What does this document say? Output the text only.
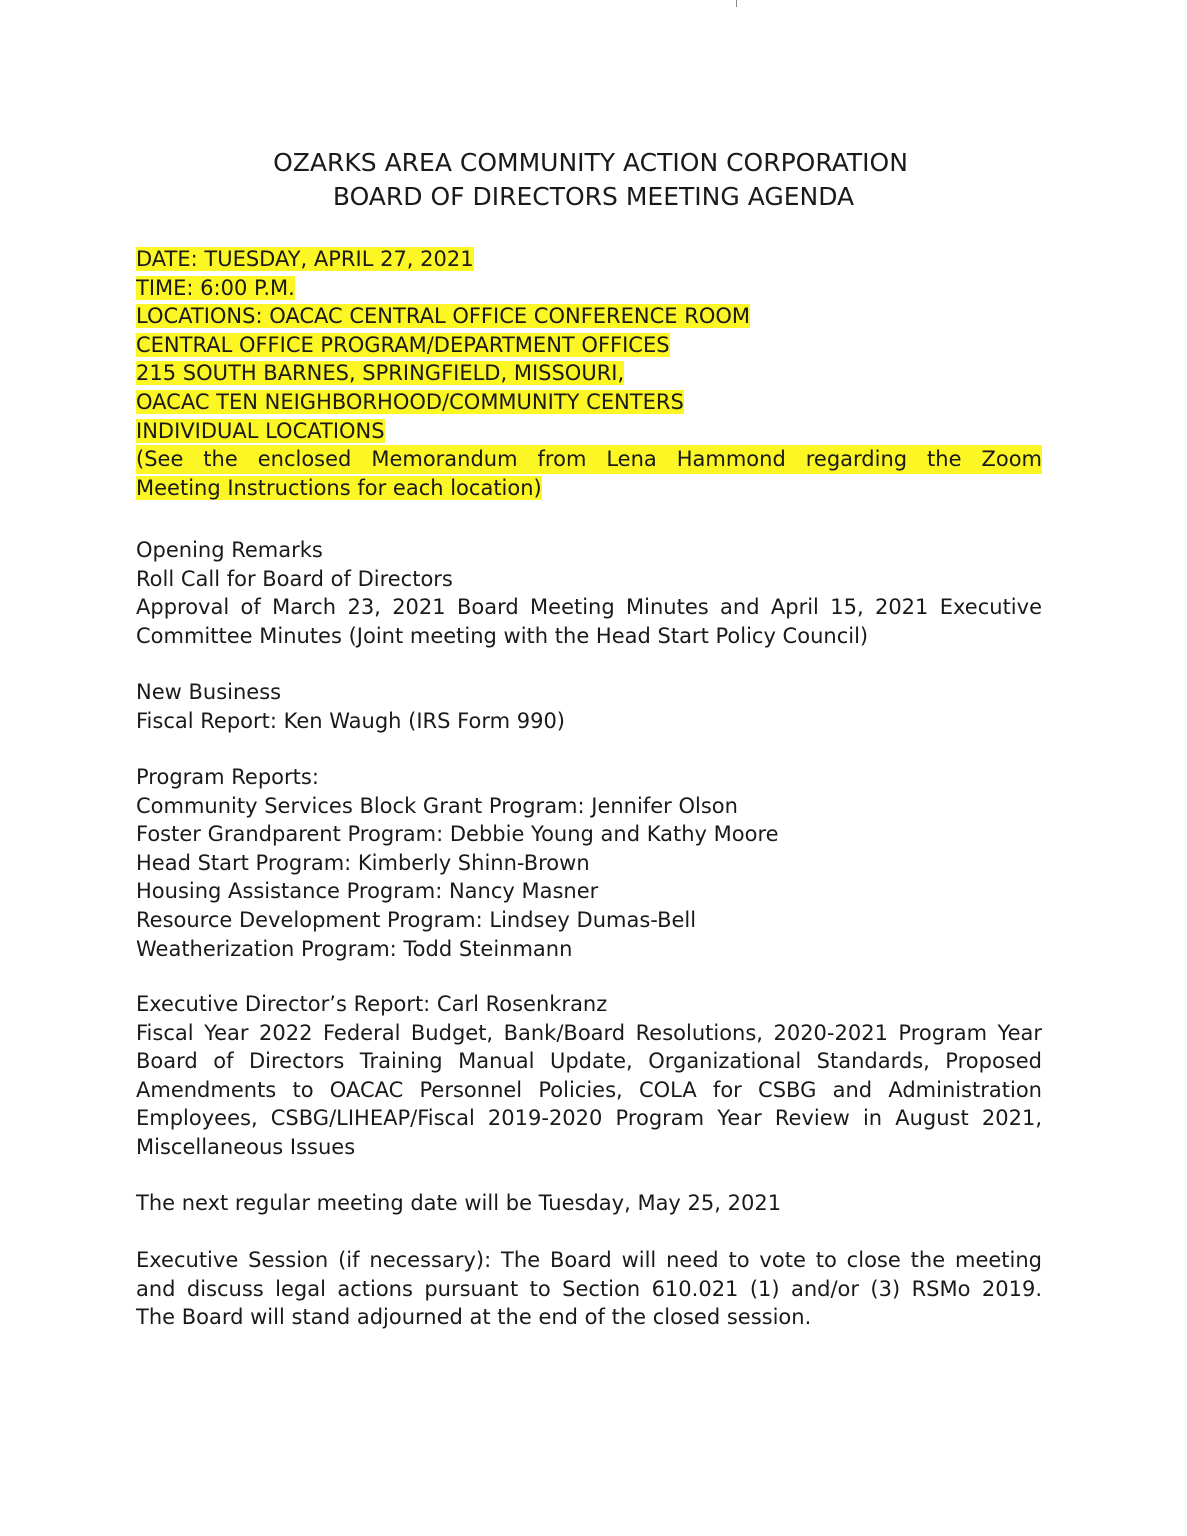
OZARKS AREA COMMUNITY ACTION CORPORATION
BOARD OF DIRECTORS MEETING AGENDA
DATE: TUESDAY, APRIL 27, 2021
TIME: 6:00 P.M.
LOCATIONS: OACAC CENTRAL OFFICE CONFERENCE ROOM
CENTRAL OFFICE PROGRAM/DEPARTMENT OFFICES
215 SOUTH BARNES, SPRINGFIELD, MISSOURI,
OACAC TEN NEIGHBORHOOD/COMMUNITY CENTERS
INDIVIDUAL LOCATIONS
(See the enclosed Memorandum from Lena Hammond regarding the Zoom
Meeting Instructions for each location)
Opening Remarks
Roll Call for Board of Directors
Approval of March 23, 2021 Board Meeting Minutes and April 15, 2021 Executive
Committee Minutes (Joint meeting with the Head Start Policy Council)
New Business
Fiscal Report: Ken Waugh (IRS Form 990)
Program Reports:
Community Services Block Grant Program: Jennifer Olson
Foster Grandparent Program: Debbie Young and Kathy Moore
Head Start Program: Kimberly Shinn-Brown
Housing Assistance Program: Nancy Masner
Resource Development Program: Lindsey Dumas-Bell
Weatherization Program: Todd Steinmann
Executive Director’s Report: Carl Rosenkranz
Fiscal Year 2022 Federal Budget, Bank/Board Resolutions, 2020-2021 Program Year
Board of Directors Training Manual Update, Organizational Standards, Proposed
Amendments to OACAC Personnel Policies, COLA for CSBG and Administration
Employees, CSBG/LIHEAP/Fiscal 2019-2020 Program Year Review in August 2021,
Miscellaneous Issues
The next regular meeting date will be Tuesday, May 25, 2021
Executive Session (if necessary): The Board will need to vote to close the meeting
and discuss legal actions pursuant to Section 610.021 (1) and/or (3) RSMo 2019.
The Board will stand adjourned at the end of the closed session.
